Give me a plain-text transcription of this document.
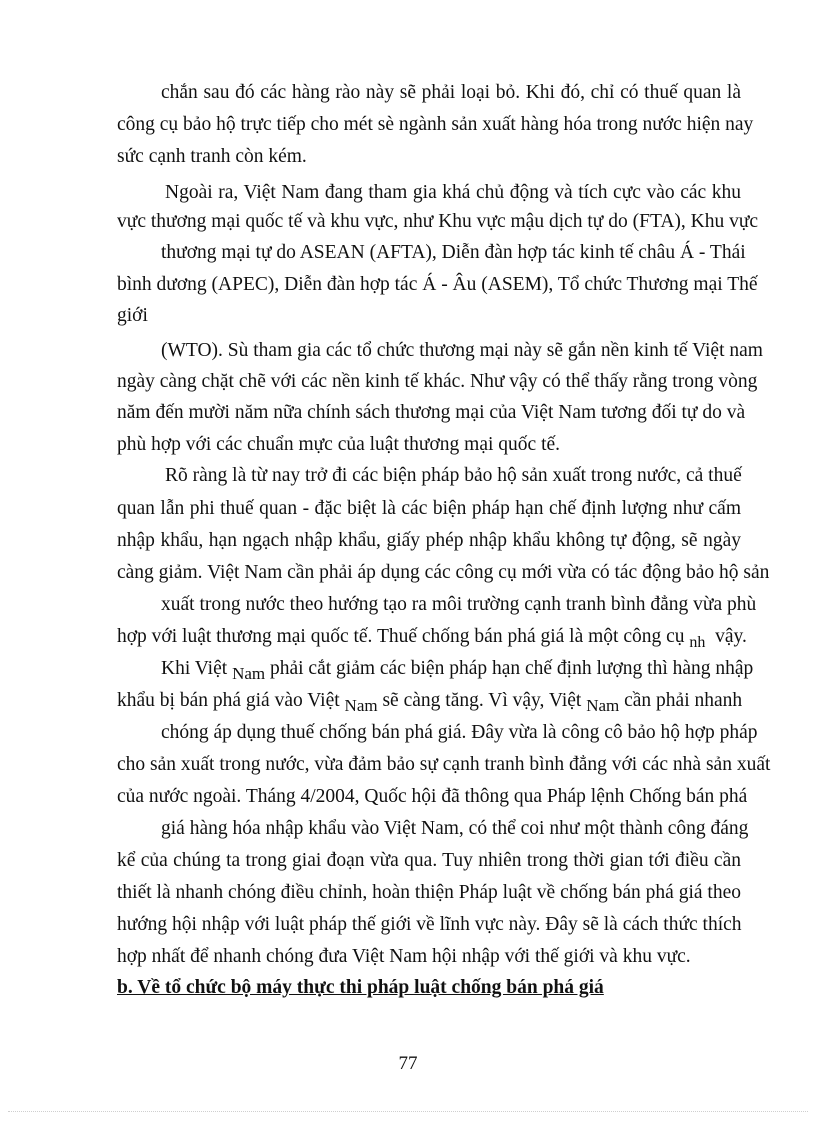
chắn sau đó các hàng rào này sẽ phải loại bỏ. Khi đó, chỉ có thuế quan là
công cụ bảo hộ trực tiếp cho mét sè ngành sản xuất hàng hóa trong nước hiện nay
sức cạnh tranh còn kém.
Ngoài ra, Việt Nam đang tham gia khá chủ động và tích cực vào các khu
vực thương mại quốc tế và khu vực, như Khu vực mậu dịch tự do (FTA), Khu vực
thương mại tự do ASEAN (AFTA), Diễn đàn hợp tác kinh tế châu Á - Thái
bình dương (APEC), Diễn đàn hợp tác Á - Âu (ASEM), Tổ chức Thương mại Thế
giới
(WTO). Sù tham gia các tổ chức thương mại này sẽ gắn nền kinh tế Việt nam
ngày càng chặt chẽ với các nền kinh tế khác. Như vậy có thể thấy rằng trong vòng
năm đến mười năm nữa chính sách thương mại của Việt Nam tương đối tự do và
phù hợp với các chuẩn mực của luật thương mại quốc tế.
Rõ ràng là từ nay trở đi các biện pháp bảo hộ sản xuất trong nước, cả thuế
quan lẫn phi thuế quan - đặc biệt là các biện pháp hạn chế định lượng như cấm
nhập khẩu, hạn ngạch nhập khẩu, giấy phép nhập khẩu không tự động, sẽ ngày
càng giảm. Việt Nam cần phải áp dụng các công cụ mới vừa có tác động bảo hộ sản
xuất trong nước theo hướng tạo ra môi trường cạnh tranh bình đẳng vừa phù
hợp với luật thương mại quốc tế. Thuế chống bán phá giá là một công cụ $_{nh}$ vậy.
Khi Việt Nam phải cắt giảm các biện pháp hạn chế định lượng thì hàng nhập
khẩu bị bán phá giá vào Việt Nam sẽ càng tăng. Vì vậy, Việt Nam cần phải nhanh
chóng áp dụng thuế chống bán phá giá. Đây vừa là công cô bảo hộ hợp pháp
cho sản xuất trong nước, vừa đảm bảo sự cạnh tranh bình đẳng với các nhà sản xuất
của nước ngoài. Tháng 4/2004, Quốc hội đã thông qua Pháp lệnh Chống bán phá
giá hàng hóa nhập khẩu vào Việt Nam, có thể coi như một thành công đáng
kể của chúng ta trong giai đoạn vừa qua. Tuy nhiên trong thời gian tới điều cần
thiết là nhanh chóng điều chỉnh, hoàn thiện Pháp luật về chống bán phá giá theo
hướng hội nhập với luật pháp thế giới về lĩnh vực này. Đây sẽ là cách thức thích
hợp nhất để nhanh chóng đưa Việt Nam hội nhập với thế giới và khu vực.
b. Về tổ chức bộ máy thực thi pháp luật chống bán phá giá
77
